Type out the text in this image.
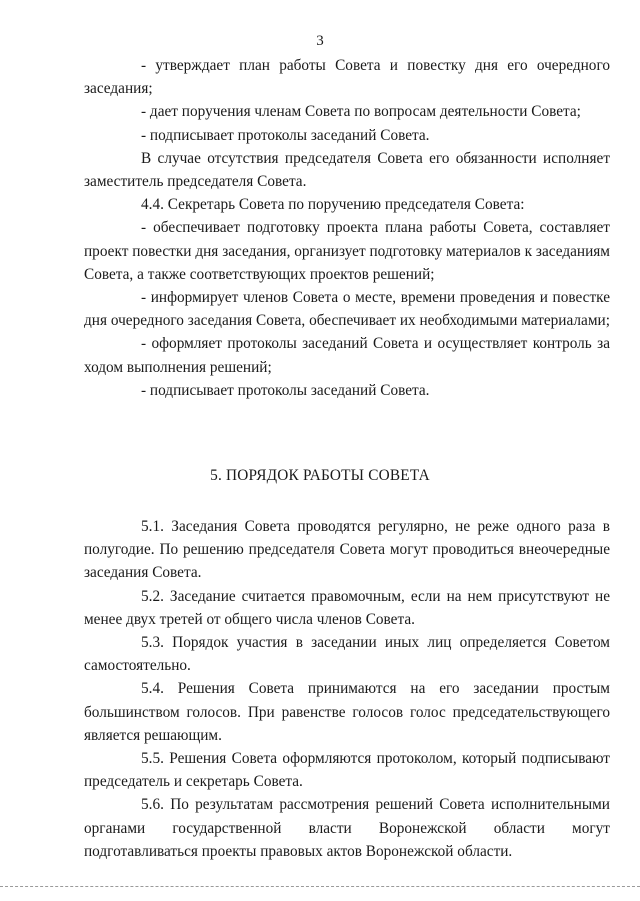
3

- утверждает план работы Совета и повестку дня его очередного заседания;

- дает поручения членам Совета по вопросам деятельности Совета;

- подписывает протоколы заседаний Совета.

В случае отсутствия председателя Совета его обязанности исполняет заместитель председателя Совета.

4.4. Секретарь Совета по поручению председателя Совета:

- обеспечивает подготовку проекта плана работы Совета, составляет проект повестки дня заседания, организует подготовку материалов к заседаниям Совета, а также соответствующих проектов решений;

- информирует членов Совета о месте, времени проведения и повестке дня очередного заседания Совета, обеспечивает их необходимыми материалами;

- оформляет протоколы заседаний Совета и осуществляет контроль за ходом выполнения решений;

- подписывает протоколы заседаний Совета.

5. ПОРЯДОК РАБОТЫ СОВЕТА

5.1. Заседания Совета проводятся регулярно, не реже одного раза в полугодие. По решению председателя Совета могут проводиться внеочередные заседания Совета.

5.2. Заседание считается правомочным, если на нем присутствуют не менее двух третей от общего числа членов Совета.

5.3. Порядок участия в заседании иных лиц определяется Советом самостоятельно.

5.4. Решения Совета принимаются на его заседании простым большинством голосов. При равенстве голосов голос председательствующего является решающим.

5.5. Решения Совета оформляются протоколом, который подписывают председатель и секретарь Совета.

5.6. По результатам рассмотрения решений Совета исполнительными органами государственной власти Воронежской области могут подготавливаться проекты правовых актов Воронежской области.
